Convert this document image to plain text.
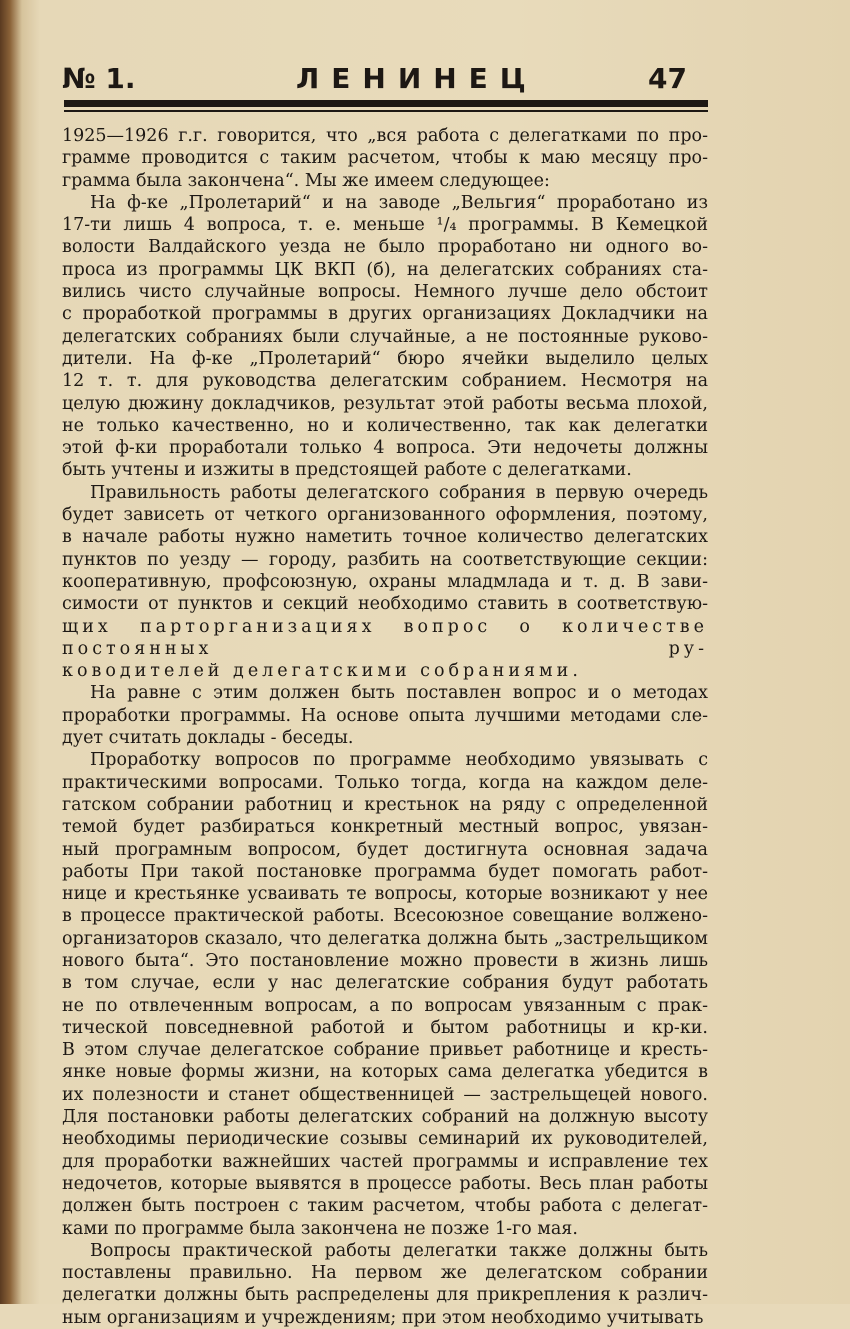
№ 1.	ЛЕНИНЕЦ	47

1925—1926 г.г. говорится, что „вся работа с делегатками по про-

грамме проводится с таким расчетом, чтобы к маю месяцу про-

грамма была закончена“. Мы же имеем следующее:

На ф-ке „Пролетарий“ и на заводе „Вельгия“ проработано из

17-ти лишь 4 вопроса, т. е. меньше ¹/₄ программы. В Кемецкой

волости Валдайского уезда не было проработано ни одного во-

проса из программы ЦК ВКП (б), на делегатских собраниях ста-

вились чисто случайные вопросы. Немного лучше дело обстоит

с проработкой программы в других организациях Докладчики на

делегатских собраниях были случайные, а не постоянные руково-

дители. На ф-ке „Пролетарий“ бюро ячейки выделило целых

12 т. т. для руководства делегатским собранием. Несмотря на

целую дюжину докладчиков, результат этой работы весьма плохой,

не только качественно, но и количественно, так как делегатки

этой ф-ки проработали только 4 вопроса. Эти недочеты должны

быть учтены и изжиты в предстоящей работе с делегатками.

Правильность работы делегатского собрания в первую очередь

будет зависеть от четкого организованного оформления, поэтому,

в начале работы нужно наметить точное количество делегатских

пунктов по уезду — городу, разбить на соответствующие секции:

кооперативную, профсоюзную, охраны младмлада и т. д. В зави-

симости от пунктов и секций необходимо ставить в соответствую-

щих парторганизациях вопрос о количестве постоянных ру-

ководителей делегатскими собраниями.

На равне с этим должен быть поставлен вопрос и о методах

проработки программы. На основе опыта лучшими методами сле-

дует считать доклады - беседы.

Проработку вопросов по программе необходимо увязывать с

практическими вопросами. Только тогда, когда на каждом деле-

гатском собрании работниц и крестьнок на ряду с определенной

темой будет разбираться конкретный местный вопрос, увязан-

ный програмным вопросом, будет достигнута основная задача

работы При такой постановке программа будет помогать работ-

нице и крестьянке усваивать те вопросы, которые возникают у нее

в процессе практической работы. Всесоюзное совещание волжено-

организаторов сказало, что делегатка должна быть „застрельщиком

нового быта“. Это постановление можно провести в жизнь лишь

в том случае, если у нас делегатские собрания будут работать

не по отвлеченным вопросам, а по вопросам увязанным с прак-

тической повседневной работой и бытом работницы и кр-ки.

В этом случае делегатское собрание привьет работнице и кресть-

янке новые формы жизни, на которых сама делегатка убедится в

их полезности и станет общественницей — застрельщецей нового.

Для постановки работы делегатских собраний на должную высоту

необходимы периодические созывы семинарий их руководителей,

для проработки важнейших частей программы и исправление тех

недочетов, которые выявятся в процессе работы. Весь план работы

должен быть построен с таким расчетом, чтобы работа с делегат-

ками по программе была закончена не позже 1-го мая.

Вопросы практической работы делегатки также должны быть

поставлены правильно. На первом же делегатском собрании

делегатки должны быть распределены для прикрепления к различ-

ным организациям и учреждениям; при этом необходимо учитывать
